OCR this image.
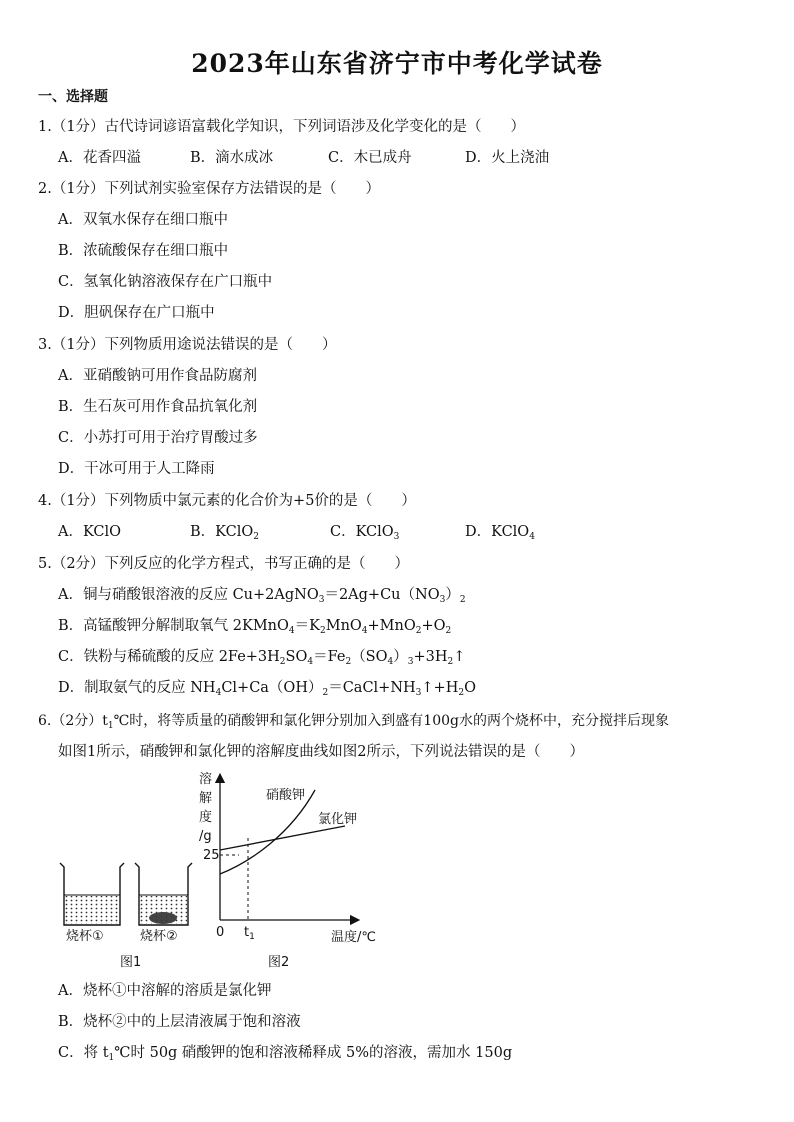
2023年山东省济宁市中考化学试卷
一、选择题
1.（1分）古代诗词谚语富载化学知识，下列词语涉及化学变化的是（　　）
A．花香四溢	B．滴水成冰	C．木已成舟	D．火上浇油
2.（1分）下列试剂实验室保存方法错误的是（　　）
A．双氧水保存在细口瓶中
B．浓硫酸保存在细口瓶中
C．氢氧化钠溶液保存在广口瓶中
D．胆矾保存在广口瓶中
3.（1分）下列物质用途说法错误的是（　　）
A．亚硝酸钠可用作食品防腐剂
B．生石灰可用作食品抗氧化剂
C．小苏打可用于治疗胃酸过多
D．干冰可用于人工降雨
4.（1分）下列物质中氯元素的化合价为+5价的是（　　）
A．KClO	B．KClO$_2$	C．KClO$_3$	D．KClO$_4$
5.（2分）下列反应的化学方程式，书写正确的是（　　）
A．铜与硝酸银溶液的反应 $Cu+2AgNO_3=2Ag+Cu(NO_3)_2$
B．高锰酸钾分解制取氧气 $2KMnO_4=K_2MnO_4+MnO_2+O_2$
C．铁粉与稀硫酸的反应 $2Fe+3H_2SO_4=Fe_2(SO_4)_3+3H_2↑$
D．制取氨气的反应 $NH_4Cl+Ca(OH)_2=CaCl+NH_3↑+H_2O$
6.（2分）$t_1℃$时，将等质量的硝酸钾和氯化钾分别加入到盛有100g水的两个烧杯中，充分搅拌后现象
如图1所示，硝酸钾和氯化钾的溶解度曲线如图2所示，下列说法错误的是（　　）
烧杯①	烧杯②
图1
溶
解
度
/g
25
0 $t_1$	温度/℃
硝酸钾
氯化钾
图2
A．烧杯①中溶解的溶质是氯化钾
B．烧杯②中的上层清液属于饱和溶液
C．将 $t_1℃$时 50g 硝酸钾的饱和溶液稀释成 5%的溶液，需加水 150g
